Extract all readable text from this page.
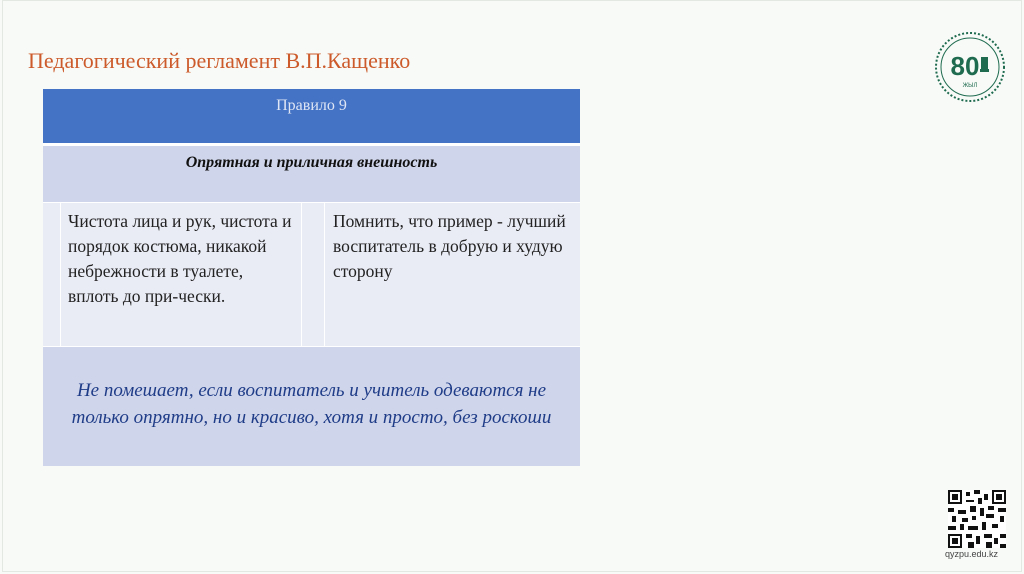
Педагогический регламент В.П.Кащенко
Правило 9
Опрятная и приличная внешность
Чистота лица и рук, чистота и порядок костюма, никакой небрежности в туалете, вплоть до при-чески.
Помнить, что пример - лучший воспитатель в добрую и худую сторону
Не помешает, если воспитатель и учитель одеваются не только опрятно, но и красиво, хотя и просто, без роскоши
80
ЖЫЛ
qyzpu.edu.kz
